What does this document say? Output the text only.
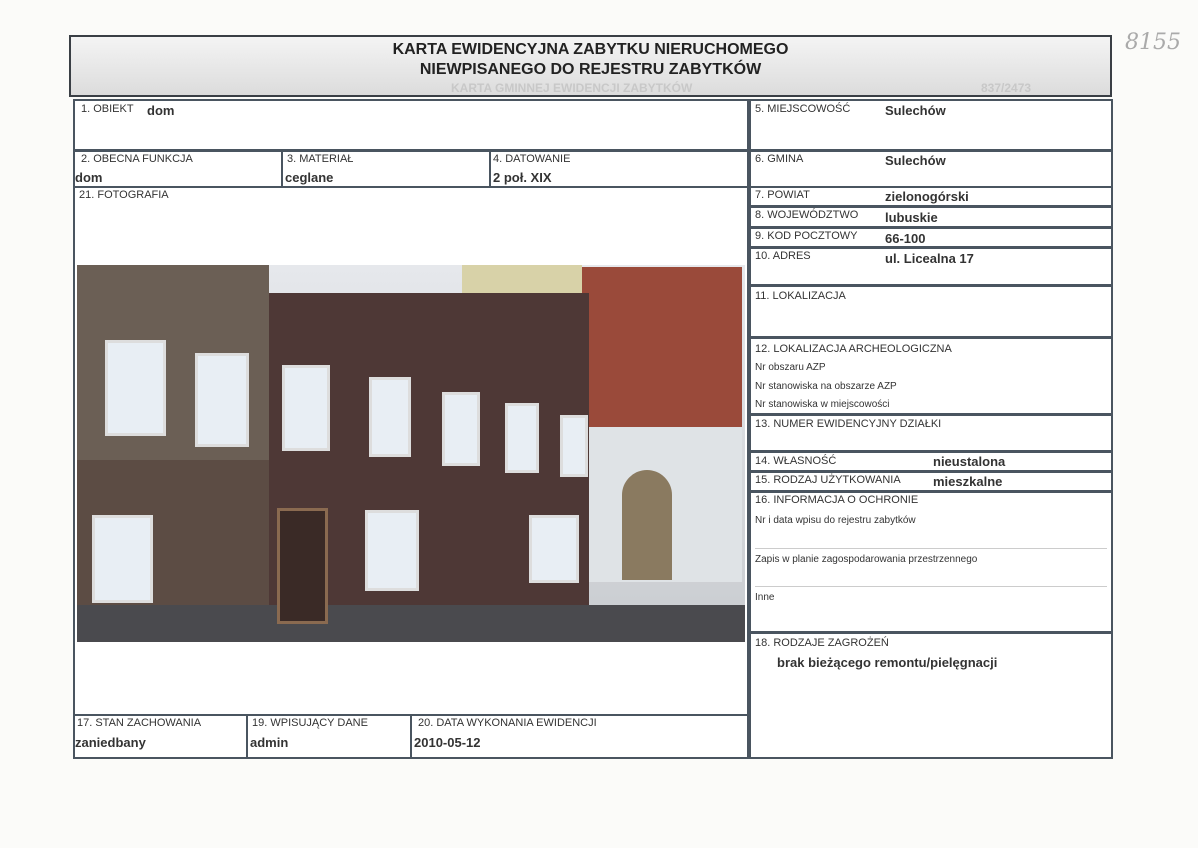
8155
KARTA EWIDENCYJNA ZABYTKU NIERUCHOMEGO
NIEWPISANEGO DO REJESTRU ZABYTKÓW
KARTA GMINNEJ EWIDENCJI ZABYTKÓW	837/2473
1. OBIEKT dom
2. OBECNA FUNKCJA
dom
3. MATERIAŁ
ceglane
4. DATOWANIE
2 poł. XIX
21. FOTOGRAFIA
17. STAN ZACHOWANIA
zaniedbany
19. WPISUJĄCY DANE
admin
20. DATA WYKONANIA EWIDENCJI
2010-05-12
5. MIEJSCOWOŚĆ	Sulechów
6. GMINA	Sulechów
7. POWIAT	zielonogórski
8. WOJEWÓDZTWO lubuskie
9. KOD POCZTOWY 66-100
10. ADRES	ul. Licealna 17
11. LOKALIZACJA
12. LOKALIZACJA ARCHEOLOGICZNA
Nr obszaru AZP
Nr stanowiska na obszarze AZP
Nr stanowiska w miejscowości
13. NUMER EWIDENCYJNY DZIAŁKI
14. WŁASNOŚĆ	nieustalona
15. RODZAJ UŻYTKOWANIA mieszkalne
16. INFORMACJA O OCHRONIE
Nr i data wpisu do rejestru zabytków
Zapis w planie zagospodarowania przestrzennego
Inne
18. RODZAJE ZAGROŻEŃ
brak bieżącego remontu/pielęgnacji
